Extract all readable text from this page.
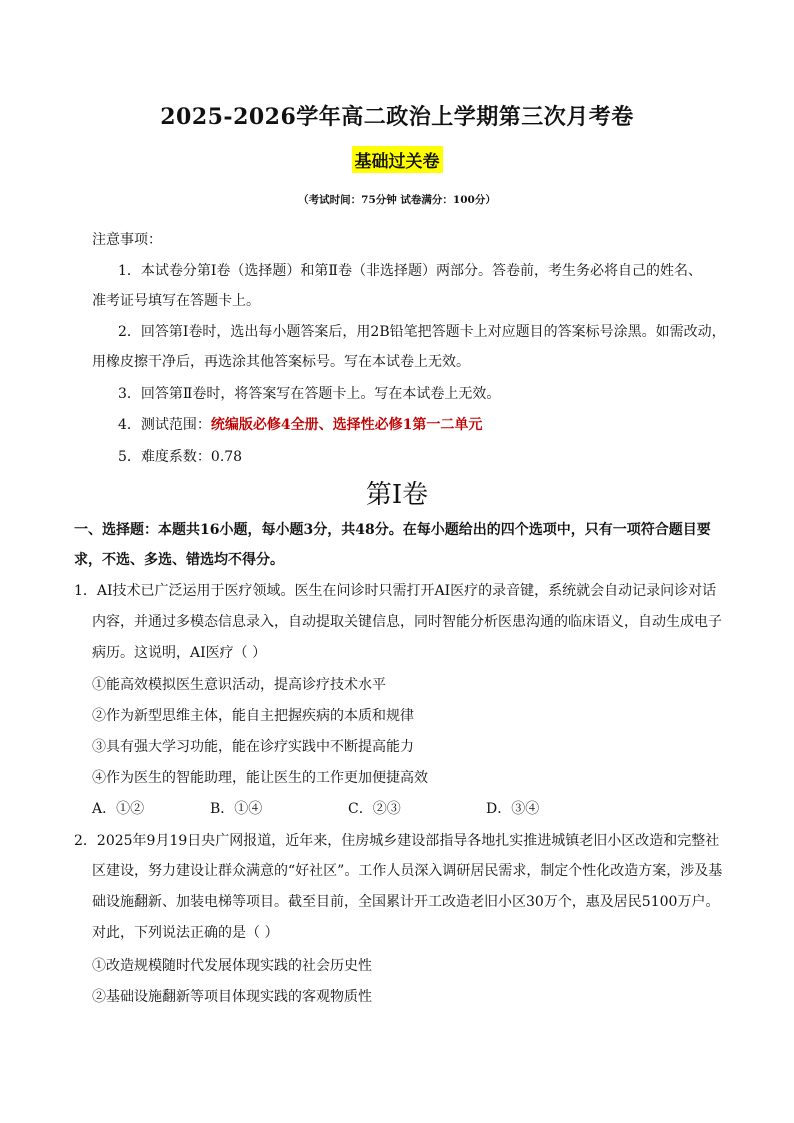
2025-2026学年高二政治上学期第三次月考卷
基础过关卷
（考试时间：75分钟 试卷满分：100分）
注意事项：
1．本试卷分第Ⅰ卷（选择题）和第Ⅱ卷（非选择题）两部分。答卷前，考生务必将自己的姓名、
准考证号填写在答题卡上。
2．回答第Ⅰ卷时，选出每小题答案后，用2B铅笔把答题卡上对应题目的答案标号涂黑。如需改动，
用橡皮擦干净后，再选涂其他答案标号。写在本试卷上无效。
3．回答第Ⅱ卷时，将答案写在答题卡上。写在本试卷上无效。
4．测试范围：统编版必修4全册、选择性必修1第一二单元
5．难度系数：0.78
第Ⅰ卷
一、选择题：本题共16小题，每小题3分，共48分。在每小题给出的四个选项中，只有一项符合题目要
求，不选、多选、错选均不得分。
1．AI技术已广泛运用于医疗领域。医生在问诊时只需打开AI医疗的录音键，系统就会自动记录问诊对话
内容，并通过多模态信息录入，自动提取关键信息，同时智能分析医患沟通的临床语义，自动生成电子
病历。这说明，AI医疗（ ）
①能高效模拟医生意识活动，提高诊疗技术水平
②作为新型思维主体，能自主把握疾病的本质和规律
③具有强大学习功能，能在诊疗实践中不断提高能力
④作为医生的智能助理，能让医生的工作更加便捷高效
A．①②	B．①④	C．②③	D．③④
2．2025年9月19日央广网报道，近年来，住房城乡建设部指导各地扎实推进城镇老旧小区改造和完整社
区建设，努力建设让群众满意的“好社区”。工作人员深入调研居民需求，制定个性化改造方案，涉及基
础设施翻新、加装电梯等项目。截至目前，全国累计开工改造老旧小区30万个，惠及居民5100万户。
对此，下列说法正确的是（ ）
①改造规模随时代发展体现实践的社会历史性
②基础设施翻新等项目体现实践的客观物质性
